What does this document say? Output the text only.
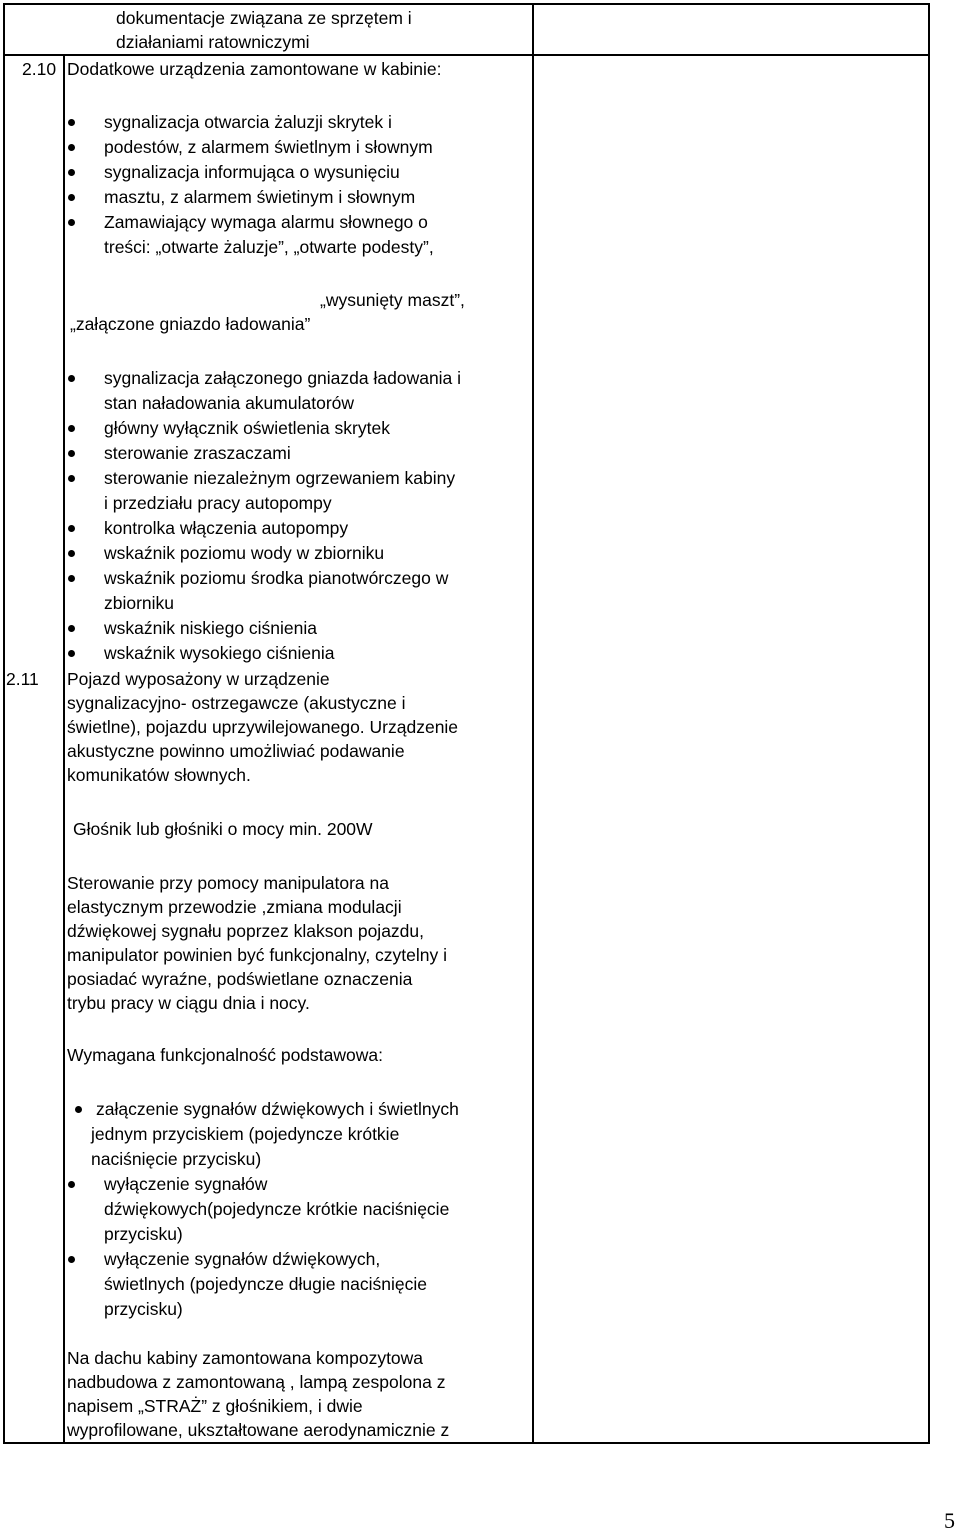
dokumentacje związana ze sprzętem i
działaniami ratowniczymi
2.10 Dodatkowe urządzenia zamontowane w kabinie:
sygnalizacja otwarcia żaluzji skrytek i
podestów, z alarmem świetlnym i słownym
sygnalizacja informująca o wysunięciu
masztu, z alarmem świetinym i słownym
Zamawiający wymaga alarmu słownego o
treści: „otwarte żaluzje”, „otwarte podesty”,
„wysunięty maszt”,
„załączone gniazdo ładowania”
sygnalizacja załączonego gniazda ładowania i
stan naładowania akumulatorów
główny wyłącznik oświetlenia skrytek
sterowanie zraszaczami
sterowanie niezależnym ogrzewaniem kabiny
i przedziału pracy autopompy
kontrolka włączenia autopompy
wskaźnik poziomu wody w zbiorniku
wskaźnik poziomu środka pianotwórczego w
zbiorniku
wskaźnik niskiego ciśnienia
wskaźnik wysokiego ciśnienia
2.11 Pojazd wyposażony w urządzenie
sygnalizacyjno- ostrzegawcze (akustyczne i
świetlne), pojazdu uprzywilejowanego. Urządzenie
akustyczne powinno umożliwiać podawanie
komunikatów słownych.
Głośnik lub głośniki o mocy min. 200W
Sterowanie przy pomocy manipulatora na
elastycznym przewodzie ,zmiana modulacji
dźwiękowej sygnału poprzez klakson pojazdu,
manipulator powinien być funkcjonalny, czytelny i
posiadać wyraźne, podświetlane oznaczenia
trybu pracy w ciągu dnia i nocy.
Wymagana funkcjonalność podstawowa:
załączenie sygnałów dźwiękowych i świetlnych
jednym przyciskiem (pojedyncze krótkie
naciśnięcie przycisku)
wyłączenie sygnałów
dźwiękowych(pojedyncze krótkie naciśnięcie
przycisku)
wyłączenie sygnałów dźwiękowych,
świetlnych (pojedyncze długie naciśnięcie
przycisku)
Na dachu kabiny zamontowana kompozytowa
nadbudowa z zamontowaną , lampą zespolona z
napisem „STRAŻ” z głośnikiem, i dwie
wyprofilowane, ukształtowane aerodynamicznie z
5
